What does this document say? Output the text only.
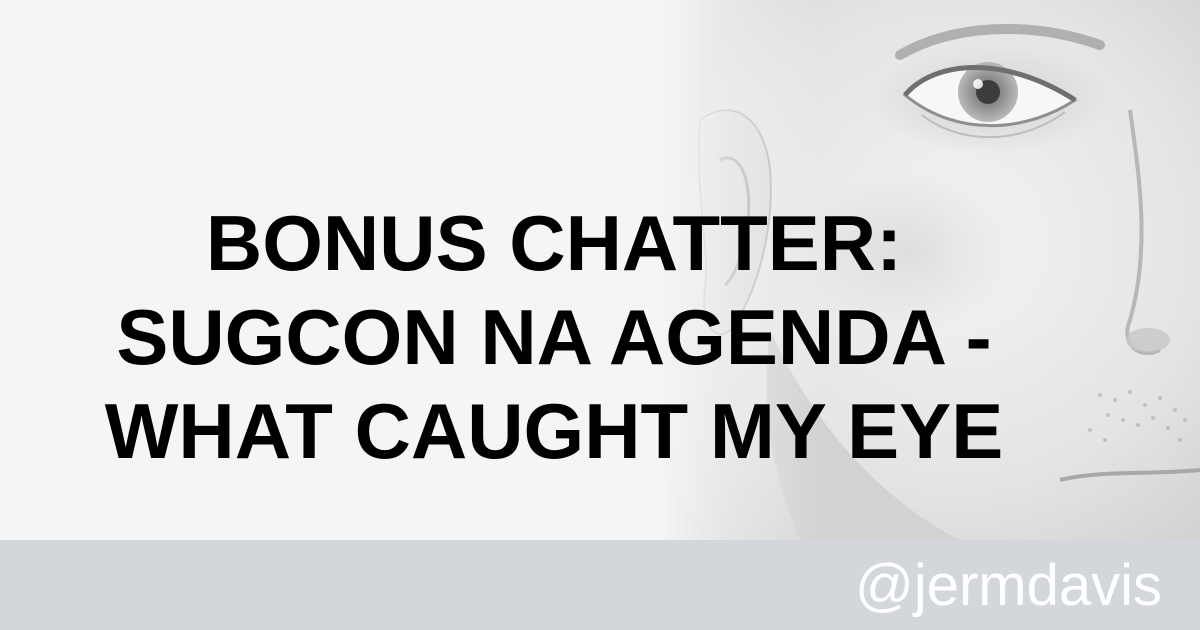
BONUS CHATTER:
SUGCON NA AGENDA -
WHAT CAUGHT MY EYE
@jermdavis
